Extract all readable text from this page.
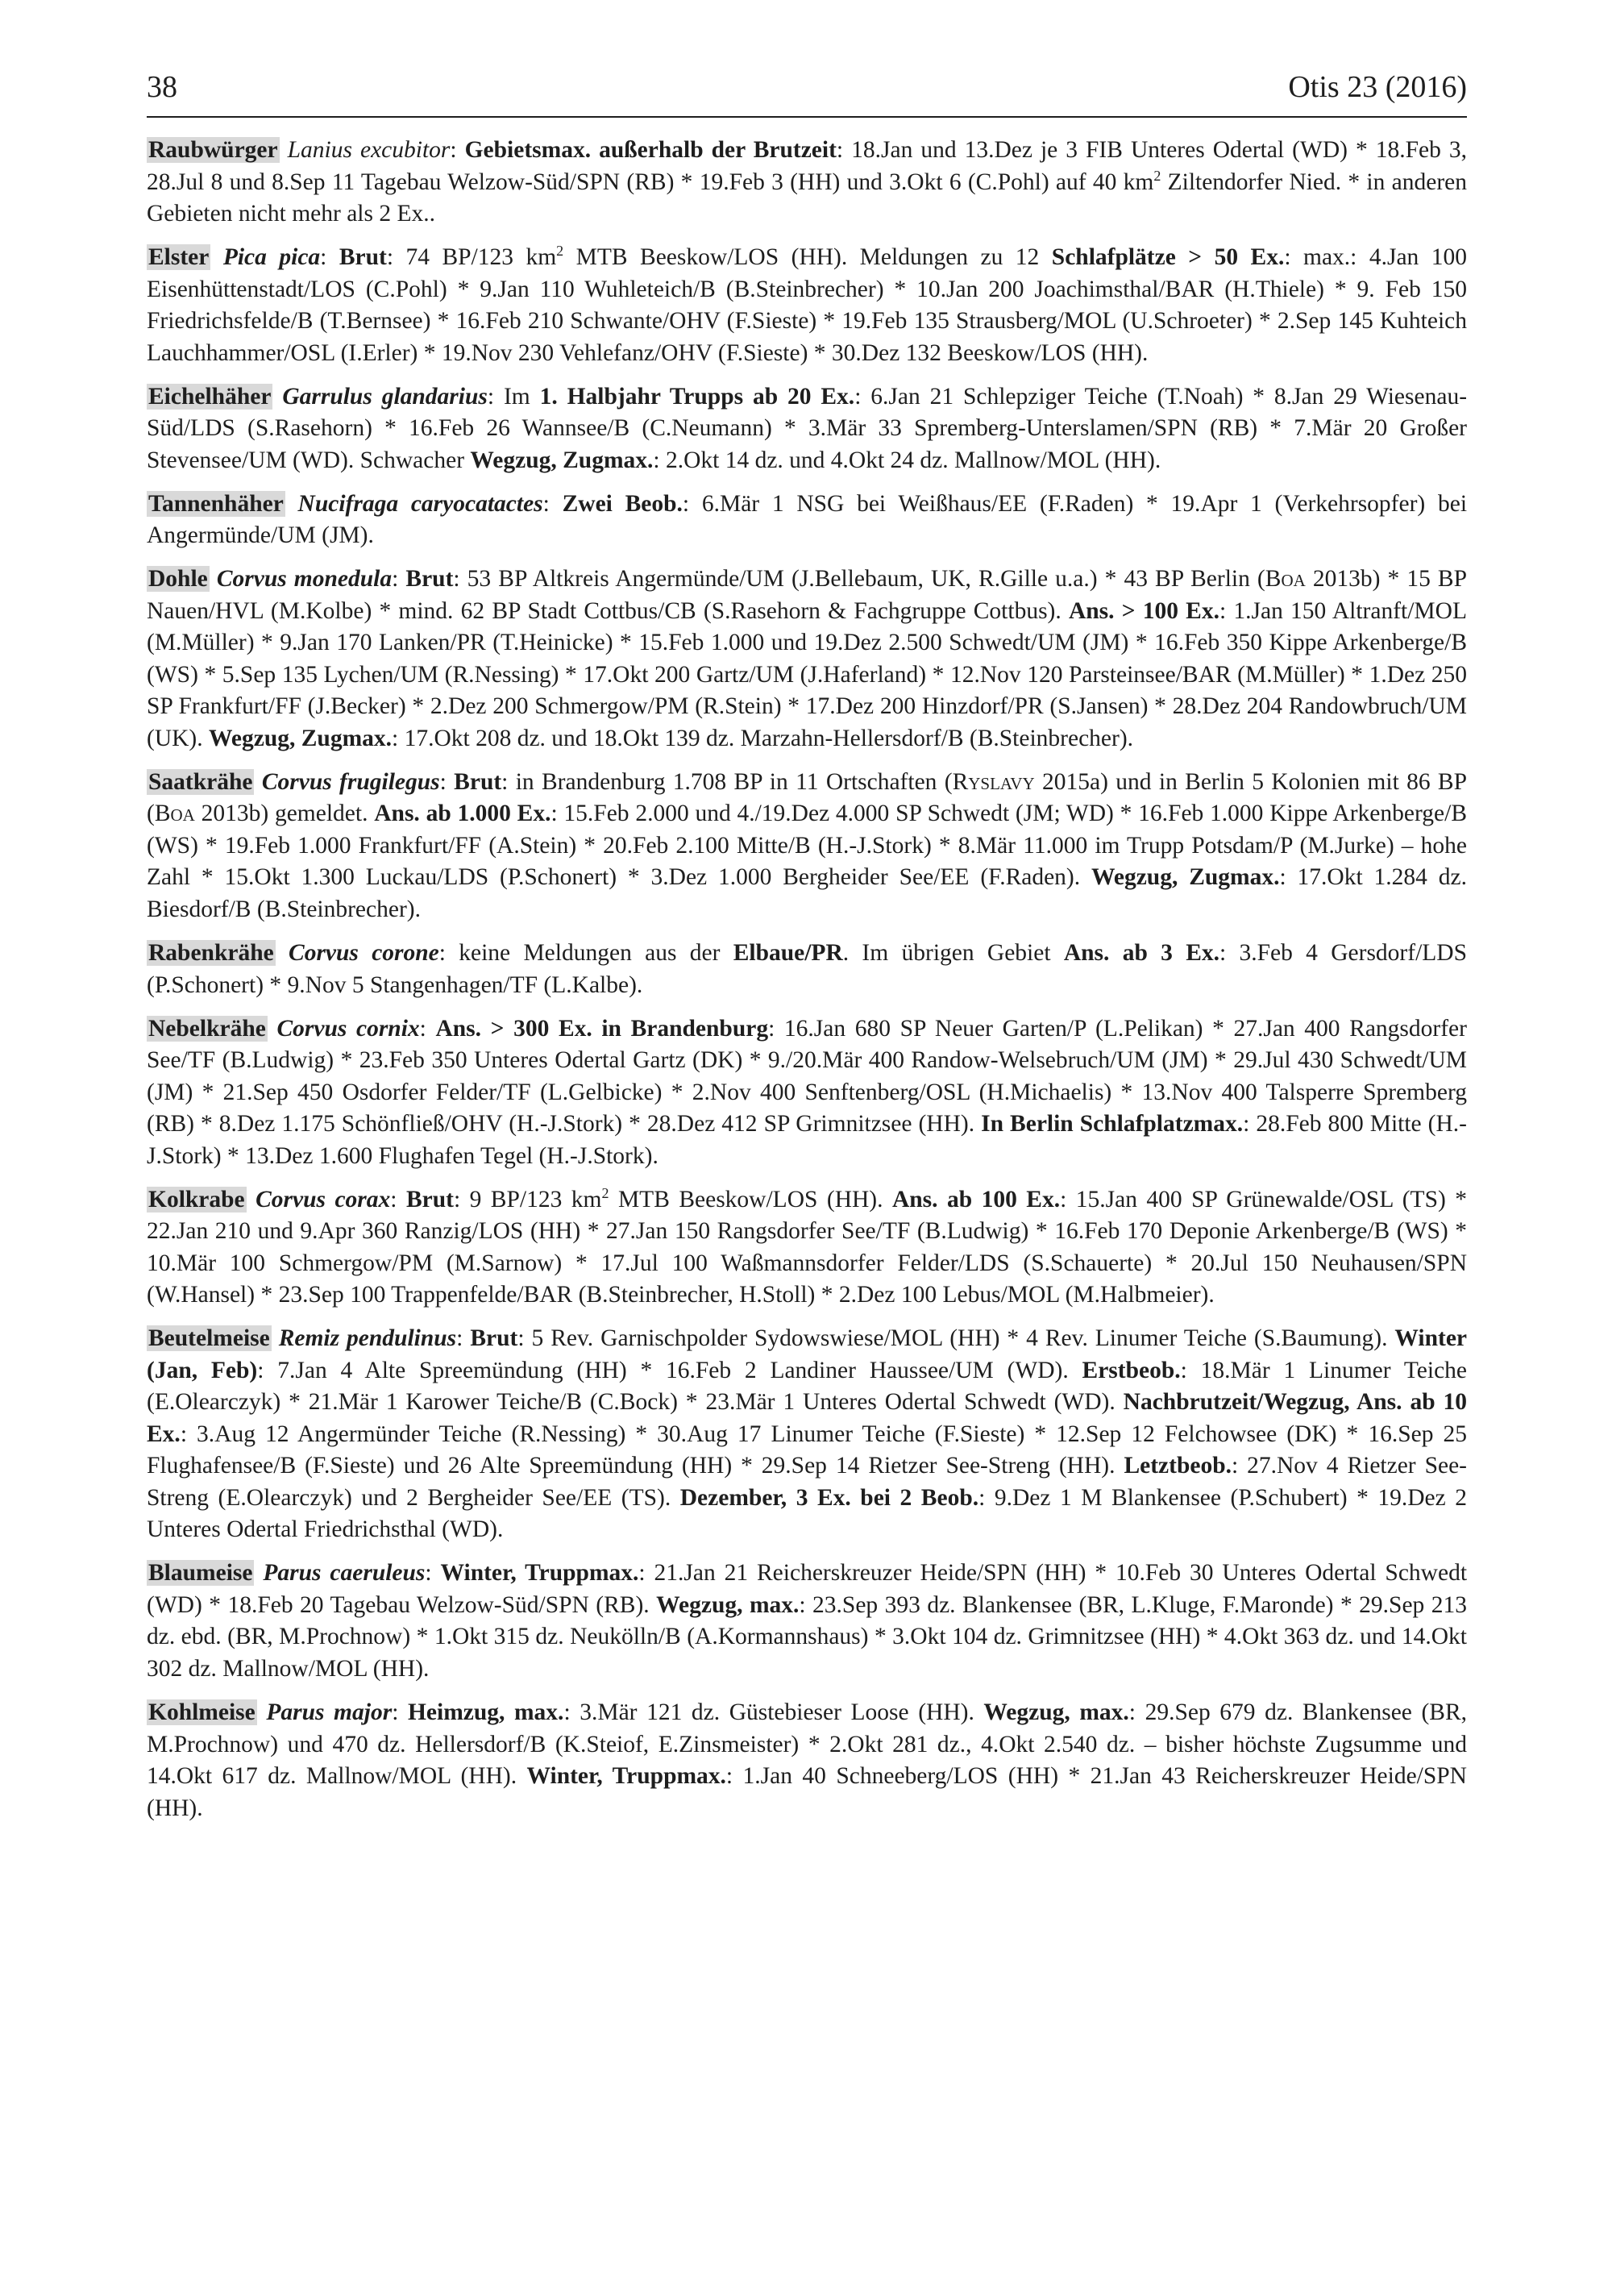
38	Otis 23 (2016)

Raubwürger Lanius excubitor: Gebietsmax. außerhalb der Brutzeit: 18.Jan und 13.Dez je 3 FIB Unteres Odertal (WD) * 18.Feb 3, 28.Jul 8 und 8.Sep 11 Tagebau Welzow-Süd/SPN (RB) * 19.Feb 3 (HH) und 3.Okt 6 (C.Pohl) auf 40 $km^2$ Ziltendorfer Nied. * in anderen Gebieten nicht mehr als 2 Ex..

Elster Pica pica: Brut: 74 BP/123 $km^2$ MTB Beeskow/LOS (HH). Meldungen zu 12 Schlafplätze > 50 Ex.: max.: 4.Jan 100 Eisenhüttenstadt/LOS (C.Pohl) * 9.Jan 110 Wuhleteich/B (B.Steinbrecher) * 10.Jan 200 Joachimsthal/BAR (H.Thiele) * 9. Feb 150 Friedrichsfelde/B (T.Bernsee) * 16.Feb 210 Schwante/OHV (F.Sieste) * 19.Feb 135 Strausberg/MOL (U.Schroeter) * 2.Sep 145 Kuhteich Lauchhammer/OSL (I.Erler) * 19.Nov 230 Vehlefanz/OHV (F.Sieste) * 30.Dez 132 Beeskow/LOS (HH).

Eichelhäher Garrulus glandarius: Im 1. Halbjahr Trupps ab 20 Ex.: 6.Jan 21 Schlepziger Teiche (T.Noah) * 8.Jan 29 Wiesenau-Süd/LDS (S.Rasehorn) * 16.Feb 26 Wannsee/B (C.Neumann) * 3.Mär 33 Spremberg-Unterslamen/SPN (RB) * 7.Mär 20 Großer Stevensee/UM (WD). Schwacher Wegzug, Zugmax.: 2.Okt 14 dz. und 4.Okt 24 dz. Mallnow/MOL (HH).

Tannenhäher Nucifraga caryocatactes: Zwei Beob.: 6.Mär 1 NSG bei Weißhaus/EE (F.Raden) * 19.Apr 1 (Verkehrsopfer) bei Angermünde/UM (JM).

Dohle Corvus monedula: Brut: 53 BP Altkreis Angermünde/UM (J.Bellebaum, UK, R.Gille u.a.) * 43 BP Berlin (Boa 2013b) * 15 BP Nauen/HVL (M.Kolbe) * mind. 62 BP Stadt Cottbus/CB (S.Rasehorn & Fachgruppe Cottbus). Ans. > 100 Ex.: 1.Jan 150 Altranft/MOL (M.Müller) * 9.Jan 170 Lanken/PR (T.Heinicke) * 15.Feb 1.000 und 19.Dez 2.500 Schwedt/UM (JM) * 16.Feb 350 Kippe Arkenberge/B (WS) * 5.Sep 135 Lychen/UM (R.Nessing) * 17.Okt 200 Gartz/UM (J.Haferland) * 12.Nov 120 Parsteinsee/BAR (M.Müller) * 1.Dez 250 SP Frankfurt/FF (J.Becker) * 2.Dez 200 Schmergow/PM (R.Stein) * 17.Dez 200 Hinzdorf/PR (S.Jansen) * 28.Dez 204 Randowbruch/UM (UK). Wegzug, Zugmax.: 17.Okt 208 dz. und 18.Okt 139 dz. Marzahn-Hellersdorf/B (B.Steinbrecher).

Saatkrähe Corvus frugilegus: Brut: in Brandenburg 1.708 BP in 11 Ortschaften (Ryslavy 2015a) und in Berlin 5 Kolonien mit 86 BP (Boa 2013b) gemeldet. Ans. ab 1.000 Ex.: 15.Feb 2.000 und 4./19.Dez 4.000 SP Schwedt (JM; WD) * 16.Feb 1.000 Kippe Arkenberge/B (WS) * 19.Feb 1.000 Frankfurt/FF (A.Stein) * 20.Feb 2.100 Mitte/B (H.-J.Stork) * 8.Mär 11.000 im Trupp Potsdam/P (M.Jurke) – hohe Zahl * 15.Okt 1.300 Luckau/LDS (P.Schonert) * 3.Dez 1.000 Bergheider See/EE (F.Raden). Wegzug, Zugmax.: 17.Okt 1.284 dz. Biesdorf/B (B.Steinbrecher).

Rabenkrähe Corvus corone: keine Meldungen aus der Elbaue/PR. Im übrigen Gebiet Ans. ab 3 Ex.: 3.Feb 4 Gersdorf/LDS (P.Schonert) * 9.Nov 5 Stangenhagen/TF (L.Kalbe).

Nebelkrähe Corvus cornix: Ans. > 300 Ex. in Brandenburg: 16.Jan 680 SP Neuer Garten/P (L.Pelikan) * 27.Jan 400 Rangsdorfer See/TF (B.Ludwig) * 23.Feb 350 Unteres Odertal Gartz (DK) * 9./20.Mär 400 Randow-Welsebruch/UM (JM) * 29.Jul 430 Schwedt/UM (JM) * 21.Sep 450 Osdorfer Felder/TF (L.Gelbicke) * 2.Nov 400 Senftenberg/OSL (H.Michaelis) * 13.Nov 400 Talsperre Spremberg (RB) * 8.Dez 1.175 Schönfließ/OHV (H.-J.Stork) * 28.Dez 412 SP Grimnitzsee (HH). In Berlin Schlafplatzmax.: 28.Feb 800 Mitte (H.-J.Stork) * 13.Dez 1.600 Flughafen Tegel (H.-J.Stork).

Kolkrabe Corvus corax: Brut: 9 BP/123 $km^2$ MTB Beeskow/LOS (HH). Ans. ab 100 Ex.: 15.Jan 400 SP Grünewalde/OSL (TS) * 22.Jan 210 und 9.Apr 360 Ranzig/LOS (HH) * 27.Jan 150 Rangsdorfer See/TF (B.Ludwig) * 16.Feb 170 Deponie Arkenberge/B (WS) * 10.Mär 100 Schmergow/PM (M.Sarnow) * 17.Jul 100 Waßmannsdorfer Felder/LDS (S.Schauerte) * 20.Jul 150 Neuhausen/SPN (W.Hansel) * 23.Sep 100 Trappenfelde/BAR (B.Steinbrecher, H.Stoll) * 2.Dez 100 Lebus/MOL (M.Halbmeier).

Beutelmeise Remiz pendulinus: Brut: 5 Rev. Garnischpolder Sydowswiese/MOL (HH) * 4 Rev. Linumer Teiche (S.Baumung). Winter (Jan, Feb): 7.Jan 4 Alte Spreemündung (HH) * 16.Feb 2 Landiner Haussee/UM (WD). Erstbeob.: 18.Mär 1 Linumer Teiche (E.Olearczyk) * 21.Mär 1 Karower Teiche/B (C.Bock) * 23.Mär 1 Unteres Odertal Schwedt (WD). Nachbrutzeit/Wegzug, Ans. ab 10 Ex.: 3.Aug 12 Angermünder Teiche (R.Nessing) * 30.Aug 17 Linumer Teiche (F.Sieste) * 12.Sep 12 Felchowsee (DK) * 16.Sep 25 Flughafensee/B (F.Sieste) und 26 Alte Spreemündung (HH) * 29.Sep 14 Rietzer See-Streng (HH). Letztbeob.: 27.Nov 4 Rietzer See-Streng (E.Olearczyk) und 2 Bergheider See/EE (TS). Dezember, 3 Ex. bei 2 Beob.: 9.Dez 1 M Blankensee (P.Schubert) * 19.Dez 2 Unteres Odertal Friedrichsthal (WD).

Blaumeise Parus caeruleus: Winter, Truppmax.: 21.Jan 21 Reicherskreuzer Heide/SPN (HH) * 10.Feb 30 Unteres Odertal Schwedt (WD) * 18.Feb 20 Tagebau Welzow-Süd/SPN (RB). Wegzug, max.: 23.Sep 393 dz. Blankensee (BR, L.Kluge, F.Maronde) * 29.Sep 213 dz. ebd. (BR, M.Prochnow) * 1.Okt 315 dz. Neukölln/B (A.Kormannshaus) * 3.Okt 104 dz. Grimnitzsee (HH) * 4.Okt 363 dz. und 14.Okt 302 dz. Mallnow/MOL (HH).

Kohlmeise Parus major: Heimzug, max.: 3.Mär 121 dz. Güstebieser Loose (HH). Wegzug, max.: 29.Sep 679 dz. Blankensee (BR, M.Prochnow) und 470 dz. Hellersdorf/B (K.Steiof, E.Zinsmeister) * 2.Okt 281 dz., 4.Okt 2.540 dz. – bisher höchste Zugsumme und 14.Okt 617 dz. Mallnow/MOL (HH). Winter, Truppmax.: 1.Jan 40 Schneeberg/LOS (HH) * 21.Jan 43 Reicherskreuzer Heide/SPN (HH).
